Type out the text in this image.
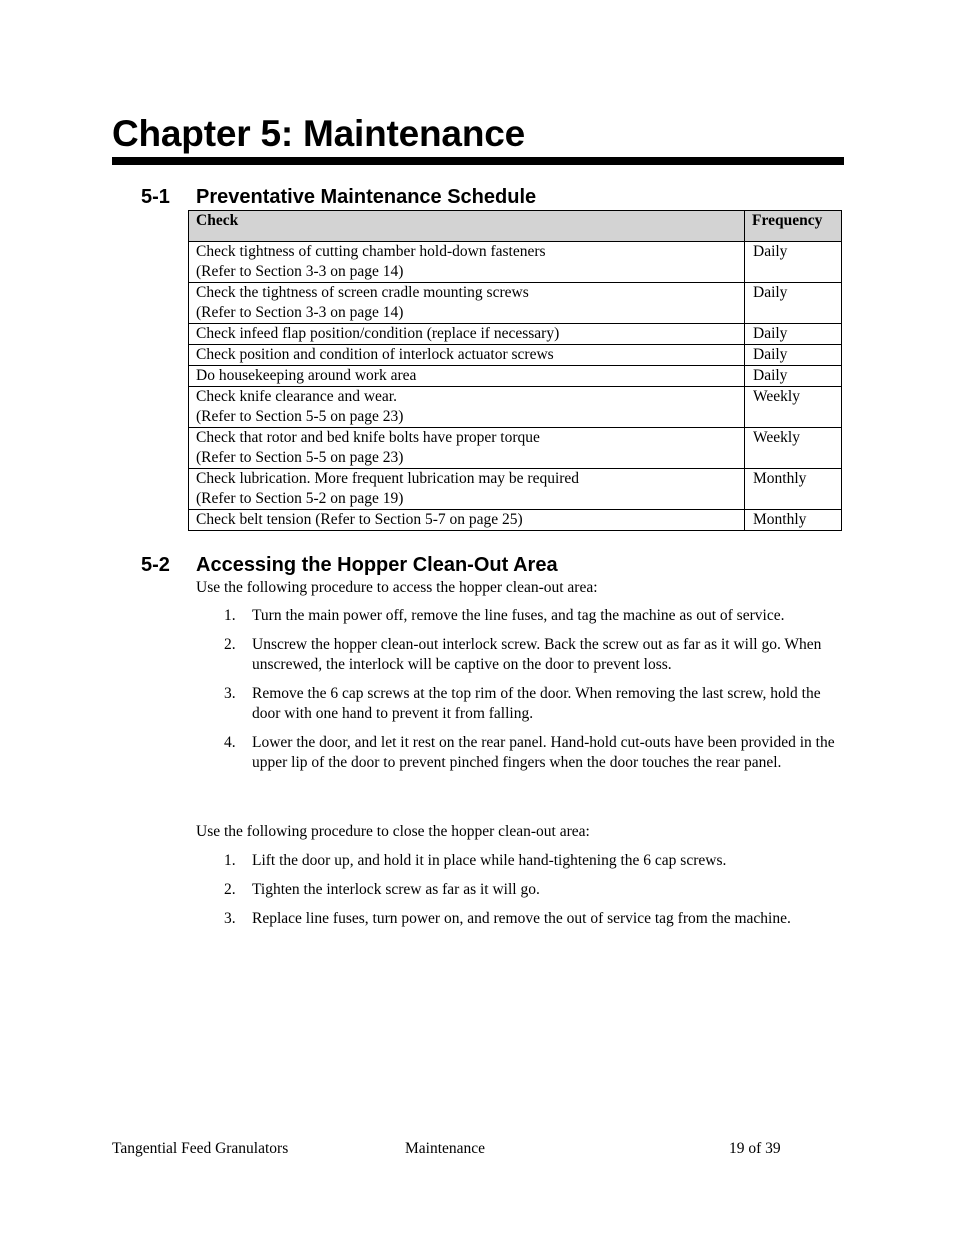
Chapter 5: Maintenance
5-1 Preventative Maintenance Schedule
Check	Frequency

Check tightness of cutting chamber hold-down fasteners
(Refer to Section 3-3 on page 14)	Daily

Check the tightness of screen cradle mounting screws
(Refer to Section 3-3 on page 14)	Daily

Check infeed flap position/condition (replace if necessary)	Daily

Check position and condition of interlock actuator screws	Daily

Do housekeeping around work area	Daily

Check knife clearance and wear.
(Refer to Section 5-5 on page 23)	Weekly

Check that rotor and bed knife bolts have proper torque
(Refer to Section 5-5 on page 23)	Weekly

Check lubrication. More frequent lubrication may be required
(Refer to Section 5-2 on page 19)	Monthly

Check belt tension (Refer to Section 5-7 on page 25)	Monthly
5-2 Accessing the Hopper Clean-Out Area

Use the following procedure to access the hopper clean-out area:

1. Turn the main power off, remove the line fuses, and tag the machine as out of service.
2. Unscrew the hopper clean-out interlock screw. Back the screw out as far as it will go. When unscrewed, the interlock will be captive on the door to prevent loss.
3. Remove the 6 cap screws at the top rim of the door. When removing the last screw, hold the door with one hand to prevent it from falling.
4. Lower the door, and let it rest on the rear panel. Hand-hold cut-outs have been provided in the upper lip of the door to prevent pinched fingers when the door touches the rear panel.

Use the following procedure to close the hopper clean-out area:

1. Lift the door up, and hold it in place while hand-tightening the 6 cap screws.
2. Tighten the interlock screw as far as it will go.
3. Replace line fuses, turn power on, and remove the out of service tag from the machine.

Tangential Feed Granulators	Maintenance	19 of 39
